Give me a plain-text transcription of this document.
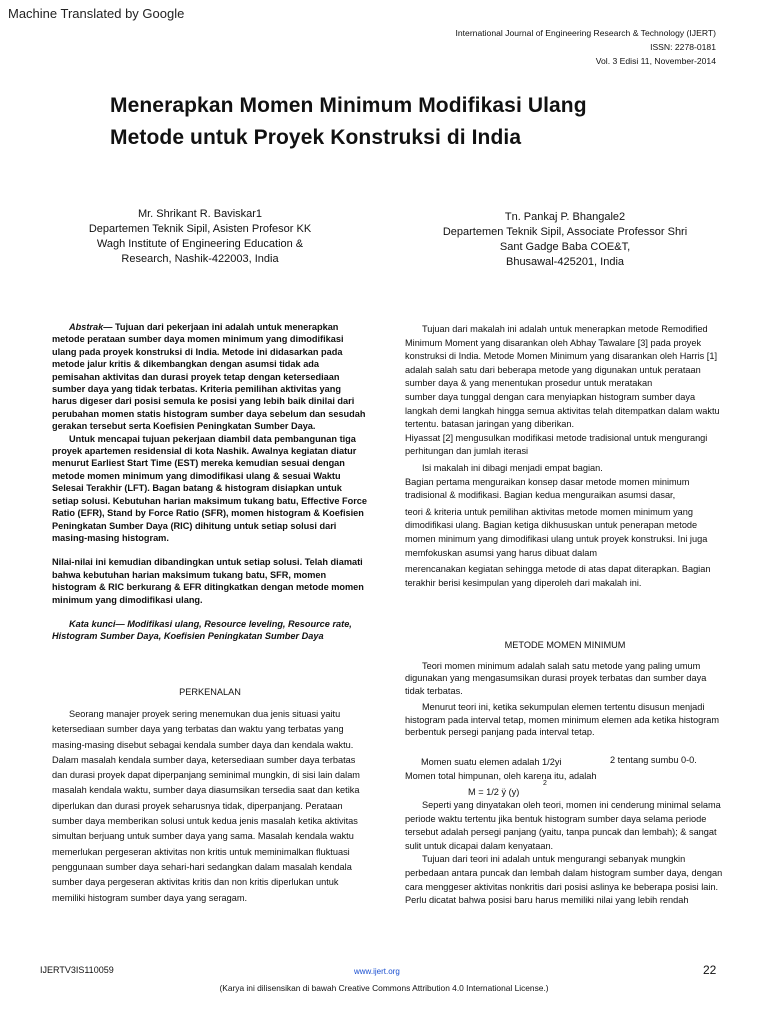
Machine Translated by Google
International Journal of Engineering Research & Technology (IJERT)
ISSN: 2278-0181
Vol. 3 Edisi 11, November-2014
Menerapkan Momen Minimum Modifikasi Ulang
Metode untuk Proyek Konstruksi di India
Mr. Shrikant R. Baviskar1
Departemen Teknik Sipil, Asisten Profesor KK
Wagh Institute of Engineering Education &
Research, Nashik-422003, India
Tn. Pankaj P. Bhangale2
Departemen Teknik Sipil, Associate Professor Shri
Sant Gadge Baba COE&T,
Bhusawal-425201, India

Abstrak— Tujuan dari pekerjaan ini adalah untuk menerapkan metode perataan sumber daya momen minimum yang dimodifikasi ulang pada proyek konstruksi di India. Metode ini didasarkan pada metode jalur kritis & dikembangkan dengan asumsi tidak ada pemisahan aktivitas dan durasi proyek tetap dengan ketersediaan sumber daya yang tidak terbatas. Kriteria pemilihan aktivitas yang harus digeser dari posisi semula ke posisi yang lebih baik dinilai dari perubahan momen statis histogram sumber daya sebelum dan sesudah gerakan tersebut serta Koefisien Peningkatan Sumber Daya.

Untuk mencapai tujuan pekerjaan diambil data pembangunan tiga proyek apartemen residensial di kota Nashik. Awalnya kegiatan diatur menurut Earliest Start Time (EST) mereka kemudian sesuai dengan metode momen minimum yang dimodifikasi ulang & sesuai Waktu Selesai Terakhir (LFT). Bagan batang & histogram disiapkan untuk setiap solusi. Kebutuhan harian maksimum tukang batu, Effective Force Ratio (EFR), Stand by Force Ratio (SFR), momen histogram & Koefisien Peningkatan Sumber Daya (RIC) dihitung untuk setiap solusi dari masing-masing histogram.

Nilai-nilai ini kemudian dibandingkan untuk setiap solusi. Telah diamati bahwa kebutuhan harian maksimum tukang batu, SFR, momen histogram & RIC berkurang & EFR ditingkatkan dengan metode momen minimum yang dimodifikasi ulang.

Kata kunci— Modifikasi ulang, Resource leveling, Resource rate, Histogram Sumber Daya, Koefisien Peningkatan Sumber Daya

PERKENALAN

Seorang manajer proyek sering menemukan dua jenis situasi yaitu ketersediaan sumber daya yang terbatas dan waktu yang terbatas yang masing-masing disebut sebagai kendala sumber daya dan kendala waktu. Dalam masalah kendala sumber daya, ketersediaan sumber daya terbatas dan durasi proyek dapat diperpanjang seminimal mungkin, di sisi lain dalam masalah kendala waktu, sumber daya diasumsikan tersedia saat dan ketika diperlukan dan durasi proyek seharusnya tidak, diperpanjang. Perataan sumber daya memberikan solusi untuk kedua jenis masalah ketika aktivitas simultan berjuang untuk sumber daya yang sama. Masalah kendala waktu memerlukan pergeseran aktivitas non kritis untuk meminimalkan fluktuasi penggunaan sumber daya sehari-hari sedangkan dalam masalah kendala sumber daya pergeseran aktivitas kritis dan non kritis diperlukan untuk memiliki histogram sumber daya yang seragam.

Tujuan dari makalah ini adalah untuk menerapkan metode Remodified Minimum Moment yang disarankan oleh Abhay Tawalare [3] pada proyek konstruksi di India. Metode Momen Minimum yang disarankan oleh Harris [1] adalah salah satu dari beberapa metode yang digunakan untuk perataan sumber daya & yang menentukan prosedur untuk meratakan

sumber daya tunggal dengan cara menyiapkan histogram sumber daya langkah demi langkah hingga semua aktivitas telah ditempatkan dalam waktu tertentu. batasan jaringan yang diberikan.

Hiyassat [2] mengusulkan modifikasi metode tradisional untuk mengurangi perhitungan dan jumlah iterasi

Isi makalah ini dibagi menjadi empat bagian.

Bagian pertama menguraikan konsep dasar metode momen minimum tradisional & modifikasi. Bagian kedua menguraikan asumsi dasar,

teori & kriteria untuk pemilihan aktivitas metode momen minimum yang dimodifikasi ulang. Bagian ketiga dikhususkan untuk penerapan metode momen minimum yang dimodifikasi ulang untuk proyek konstruksi. Ini juga memfokuskan asumsi yang harus dibuat dalam

merencanakan kegiatan sehingga metode di atas dapat diterapkan. Bagian terakhir berisi kesimpulan yang diperoleh dari makalah ini.

METODE MOMEN MINIMUM

Teori momen minimum adalah salah satu metode yang paling umum digunakan yang mengasumsikan durasi proyek terbatas dan sumber daya tidak terbatas.

Menurut teori ini, ketika sekumpulan elemen tertentu disusun menjadi histogram pada interval tetap, momen minimum elemen ada ketika histogram berbentuk persegi panjang pada interval tetap.

Momen suatu elemen adalah 1/2yi	2 tentang sumbu 0-0.
Momen total himpunan, oleh karena itu, adalah
M = 1/2 ÿ (y)
2

Seperti yang dinyatakan oleh teori, momen ini cenderung minimal selama periode waktu tertentu jika bentuk histogram sumber daya selama periode tersebut adalah persegi panjang (yaitu, tanpa puncak dan lembah); & sangat sulit untuk dicapai dalam kenyataan.

Tujuan dari teori ini adalah untuk mengurangi sebanyak mungkin perbedaan antara puncak dan lembah dalam histogram sumber daya, dengan cara menggeser aktivitas nonkritis dari posisi aslinya ke beberapa posisi lain. Perlu dicatat bahwa posisi baru harus memiliki nilai yang lebih rendah

IJERTV3IS110059	www.ijert.org	22
(Karya ini dilisensikan di bawah Creative Commons Attribution 4.0 International License.)
